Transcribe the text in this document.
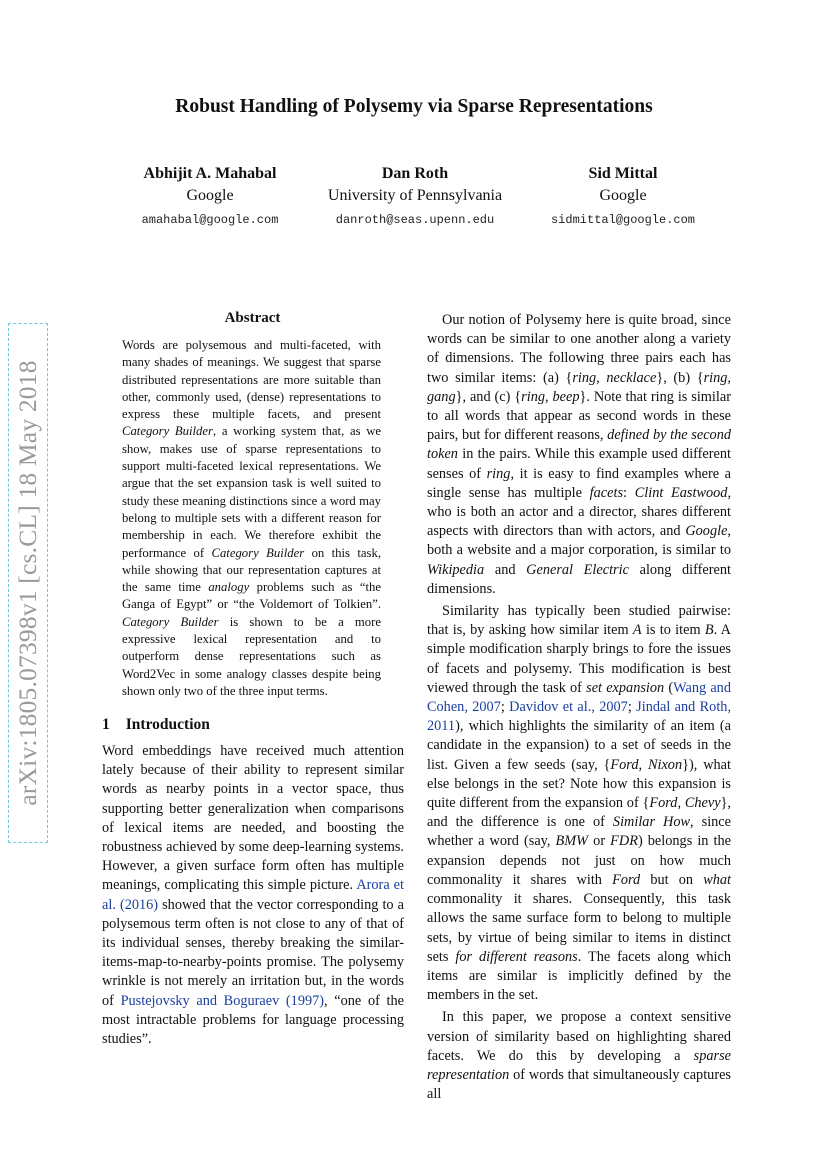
arXiv:1805.07398v1 [cs.CL] 18 May 2018
Robust Handling of Polysemy via Sparse Representations
Abhijit A. Mahabal
Google
amahabal@google.com
Dan Roth
University of Pennsylvania
danroth@seas.upenn.edu
Sid Mittal
Google
sidmittal@google.com
Abstract

Words are polysemous and multi-faceted, with many shades of meanings. We suggest that sparse distributed representations are more suitable than other, commonly used, (dense) representations to express these multiple facets, and present Category Builder, a working system that, as we show, makes use of sparse representations to support multi-faceted lexical representations. We argue that the set expansion task is well suited to study these meaning distinctions since a word may belong to multiple sets with a different reason for membership in each. We therefore exhibit the performance of Category Builder on this task, while showing that our representation captures at the same time analogy problems such as “the Ganga of Egypt” or “the Voldemort of Tolkien”. Category Builder is shown to be a more expressive lexical representation and to outperform dense representations such as Word2Vec in some analogy classes despite being shown only two of the three input terms.

1 Introduction

Word embeddings have received much attention lately because of their ability to represent similar words as nearby points in a vector space, thus supporting better generalization when comparisons of lexical items are needed, and boosting the robustness achieved by some deep-learning systems. However, a given surface form often has multiple meanings, complicating this simple picture. Arora et al. (2016) showed that the vector corresponding to a polysemous term often is not close to any of that of its individual senses, thereby breaking the similar-items-map-to-nearby-points promise. The polysemy wrinkle is not merely an irritation but, in the words of Pustejovsky and Boguraev (1997), “one of the most intractable problems for language processing studies”.

Our notion of Polysemy here is quite broad, since words can be similar to one another along a variety of dimensions. The following three pairs each has two similar items: (a) {ring, necklace}, (b) {ring, gang}, and (c) {ring, beep}. Note that ring is similar to all words that appear as second words in these pairs, but for different reasons, defined by the second token in the pairs. While this example used different senses of ring, it is easy to find examples where a single sense has multiple facets: Clint Eastwood, who is both an actor and a director, shares different aspects with directors than with actors, and Google, both a website and a major corporation, is similar to Wikipedia and General Electric along different dimensions.

Similarity has typically been studied pairwise: that is, by asking how similar item A is to item B. A simple modification sharply brings to fore the issues of facets and polysemy. This modification is best viewed through the task of set expansion (Wang and Cohen, 2007; Davidov et al., 2007; Jindal and Roth, 2011), which highlights the similarity of an item (a candidate in the expansion) to a set of seeds in the list. Given a few seeds (say, {Ford, Nixon}), what else belongs in the set? Note how this expansion is quite different from the expansion of {Ford, Chevy}, and the difference is one of Similar How, since whether a word (say, BMW or FDR) belongs in the expansion depends not just on how much commonality it shares with Ford but on what commonality it shares. Consequently, this task allows the same surface form to belong to multiple sets, by virtue of being similar to items in distinct sets for different reasons. The facets along which items are similar is implicitly defined by the members in the set.

In this paper, we propose a context sensitive version of similarity based on highlighting shared facets. We do this by developing a sparse representation of words that simultaneously captures all
